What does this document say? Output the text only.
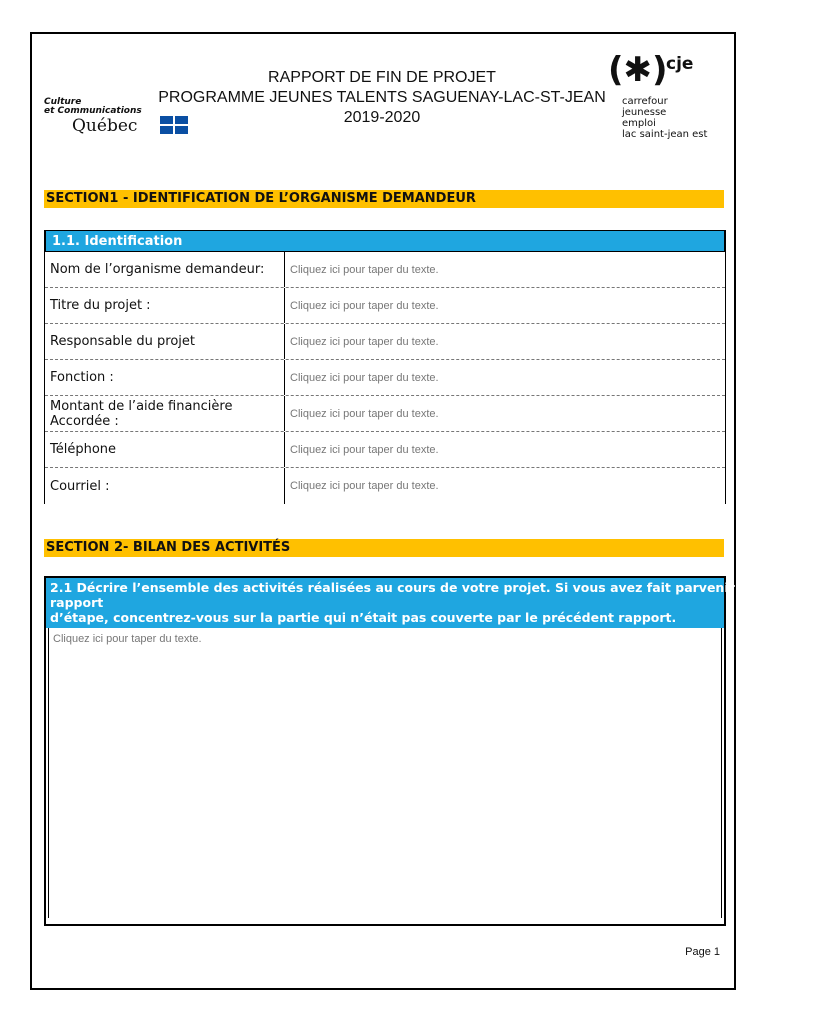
Culture
et Communications
Québec
RAPPORT DE FIN DE PROJET
PROGRAMME JEUNES TALENTS SAGUENAY-LAC-ST-JEAN
2019-2020
(✱)
cje
carrefour
jeunesse
emploi
lac saint-jean est
SECTION1 - IDENTIFICATION DE L’ORGANISME DEMANDEUR
1.1. Identification
Nom de l’organisme demandeur:	Cliquez ici pour taper du texte.
Titre du projet :	Cliquez ici pour taper du texte.
Responsable du projet	Cliquez ici pour taper du texte.
Fonction :	Cliquez ici pour taper du texte.
Montant de l’aide financière Accordée :	Cliquez ici pour taper du texte.
Téléphone	Cliquez ici pour taper du texte.
Courriel :	Cliquez ici pour taper du texte.
SECTION 2- BILAN DES ACTIVITÉS
2.1 Décrire l’ensemble des activités réalisées au cours de votre projet. Si vous avez fait parvenir un rapport
rapport
d’étape, concentrez-vous sur la partie qui n’était pas couverte par le précédent rapport.
Cliquez ici pour taper du texte.
Page 1
